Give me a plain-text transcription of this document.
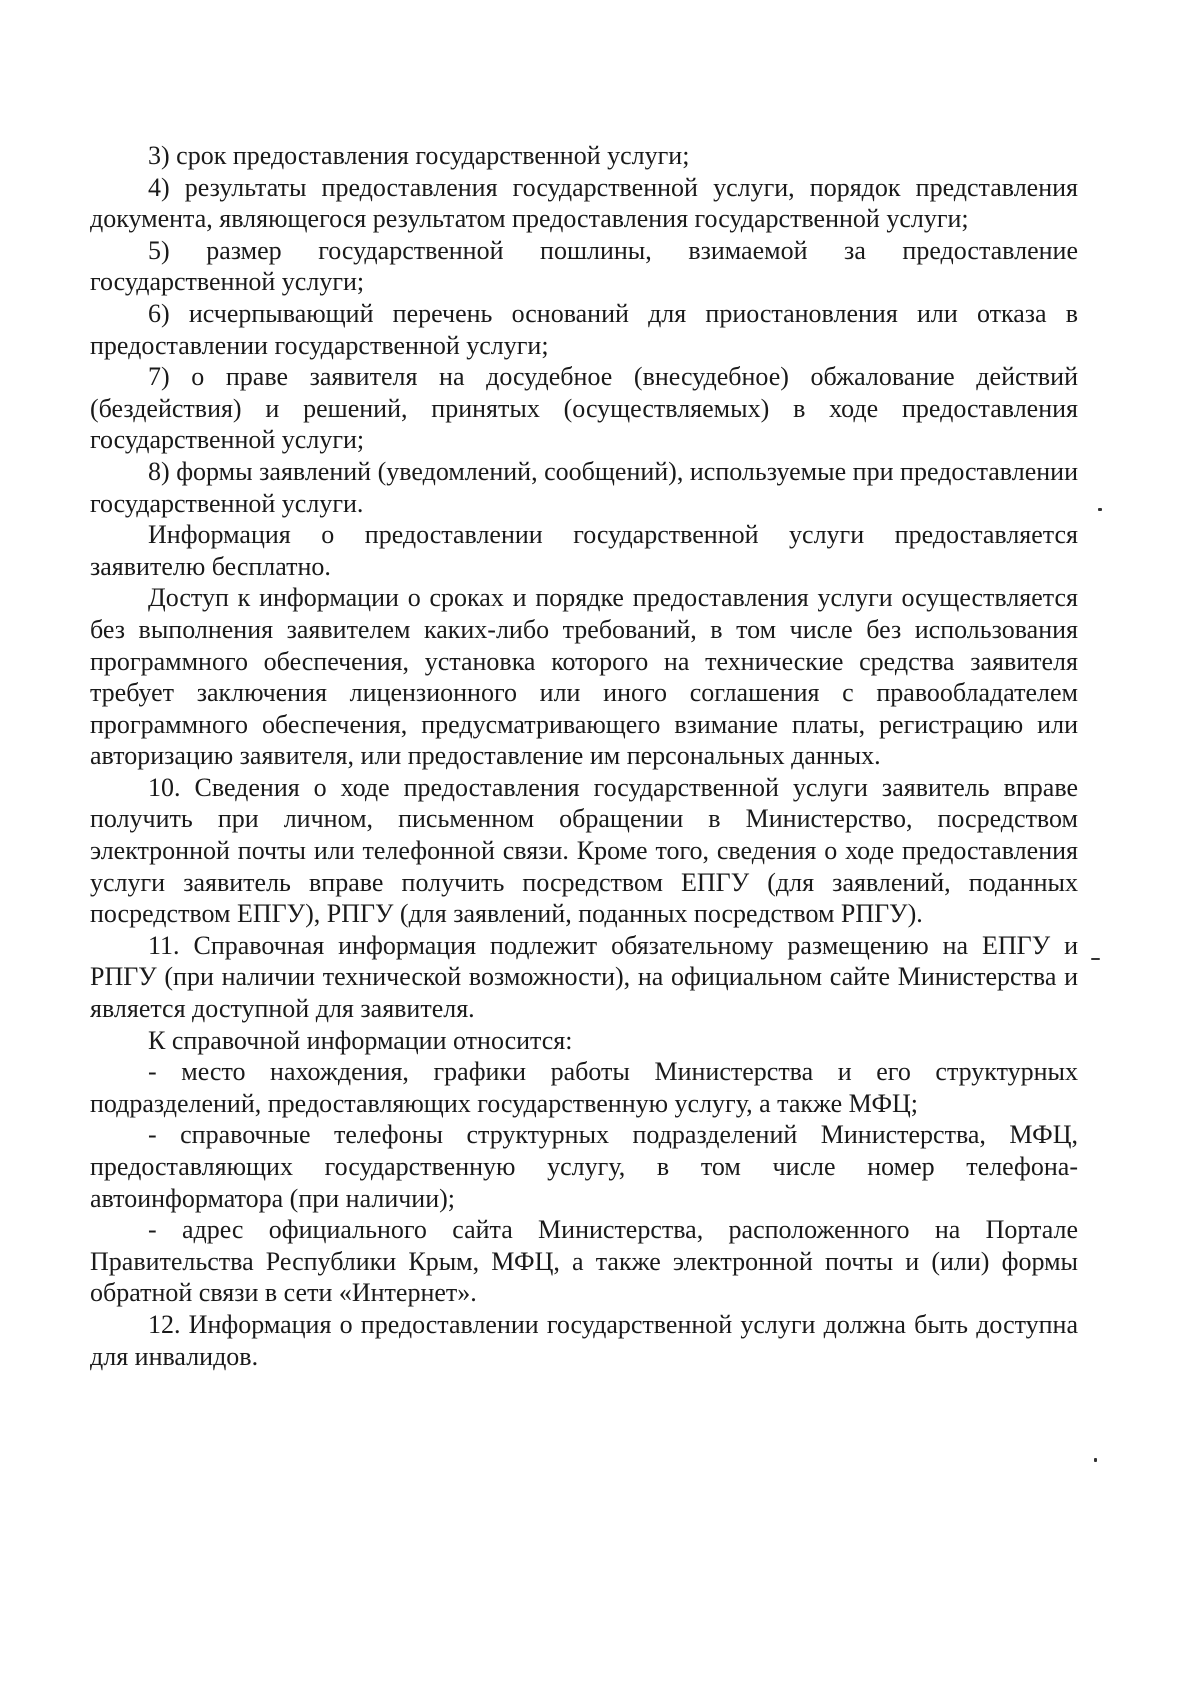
3) срок предоставления государственной услуги;

4) результаты предоставления государственной услуги, порядок представления документа, являющегося результатом предоставления государственной услуги;

5) размер государственной пошлины, взимаемой за предоставление государственной услуги;

6) исчерпывающий перечень оснований для приостановления или отказа в предоставлении государственной услуги;

7) о праве заявителя на досудебное (внесудебное) обжалование действий (бездействия) и решений, принятых (осуществляемых) в ходе предоставления государственной услуги;

8) формы заявлений (уведомлений, сообщений), используемые при предоставлении государственной услуги.

Информация о предоставлении государственной услуги предоставляется заявителю бесплатно.

Доступ к информации о сроках и порядке предоставления услуги осуществляется без выполнения заявителем каких-либо требований, в том числе без использования программного обеспечения, установка которого на технические средства заявителя требует заключения лицензионного или иного соглашения с правообладателем программного обеспечения, предусматривающего взимание платы, регистрацию или авторизацию заявителя, или предоставление им персональных данных.

10. Сведения о ходе предоставления государственной услуги заявитель вправе получить при личном, письменном обращении в Министерство, посредством электронной почты или телефонной связи. Кроме того, сведения о ходе предоставления услуги заявитель вправе получить посредством ЕПГУ (для заявлений, поданных посредством ЕПГУ), РПГУ (для заявлений, поданных посредством РПГУ).

11. Справочная информация подлежит обязательному размещению на ЕПГУ и РПГУ (при наличии технической возможности), на официальном сайте Министерства и является доступной для заявителя.

К справочной информации относится:

- место нахождения, графики работы Министерства и его структурных подразделений, предоставляющих государственную услугу, а также МФЦ;

- справочные телефоны структурных подразделений Министерства, МФЦ, предоставляющих государственную услугу, в том числе номер телефона-автоинформатора (при наличии);

- адрес официального сайта Министерства, расположенного на Портале Правительства Республики Крым, МФЦ, а также электронной почты и (или) формы обратной связи в сети «Интернет».

12. Информация о предоставлении государственной услуги должна быть доступна для инвалидов.
